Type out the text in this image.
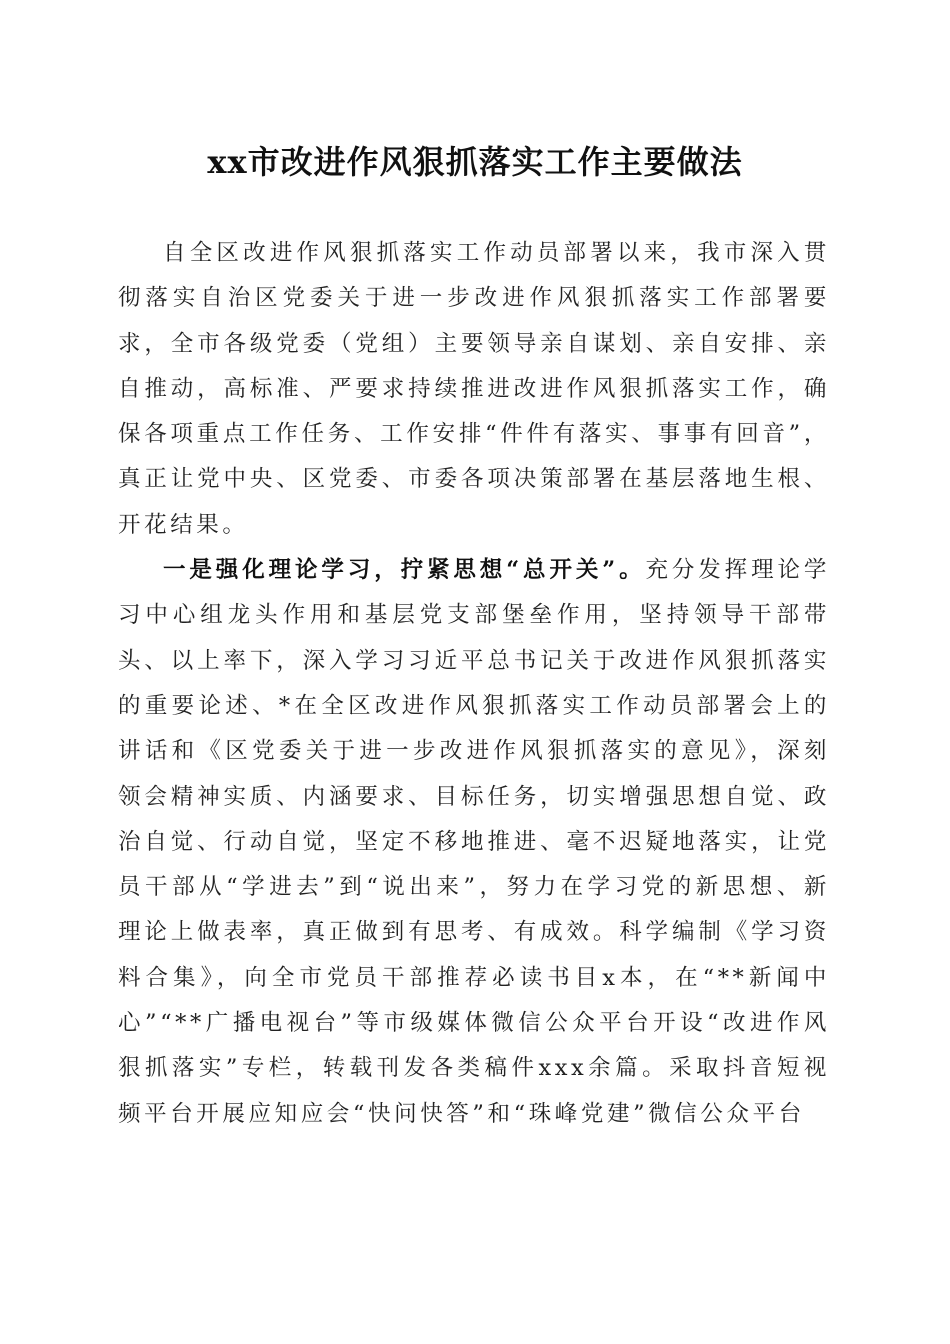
xx市改进作风狠抓落实工作主要做法

自全区改进作风狠抓落实工作动员部署以来，我市深入贯彻落实自治区党委关于进一步改进作风狠抓落实工作部署要求，全市各级党委（党组）主要领导亲自谋划、亲自安排、亲自推动，高标准、严要求持续推进改进作风狠抓落实工作，确保各项重点工作任务、工作安排“件件有落实、事事有回音”，真正让党中央、区党委、市委各项决策部署在基层落地生根、开花结果。

一是强化理论学习，拧紧思想“总开关”。充分发挥理论学习中心组龙头作用和基层党支部堡垒作用，坚持领导干部带头、以上率下，深入学习习近平总书记关于改进作风狠抓落实的重要论述、*在全区改进作风狠抓落实工作动员部署会上的讲话和《区党委关于进一步改进作风狠抓落实的意见》，深刻领会精神实质、内涵要求、目标任务，切实增强思想自觉、政治自觉、行动自觉，坚定不移地推进、毫不迟疑地落实，让党员干部从“学进去”到“说出来”，努力在学习党的新思想、新理论上做表率，真正做到有思考、有成效。科学编制《学习资料合集》，向全市党员干部推荐必读书目x本，在“**新闻中心”“**广播电视台”等市级媒体微信公众平台开设“改进作风狠抓落实”专栏，转载刊发各类稿件xxx余篇。采取抖音短视频平台开展应知应会“快问快答”和“珠峰党建”微信公众平台
